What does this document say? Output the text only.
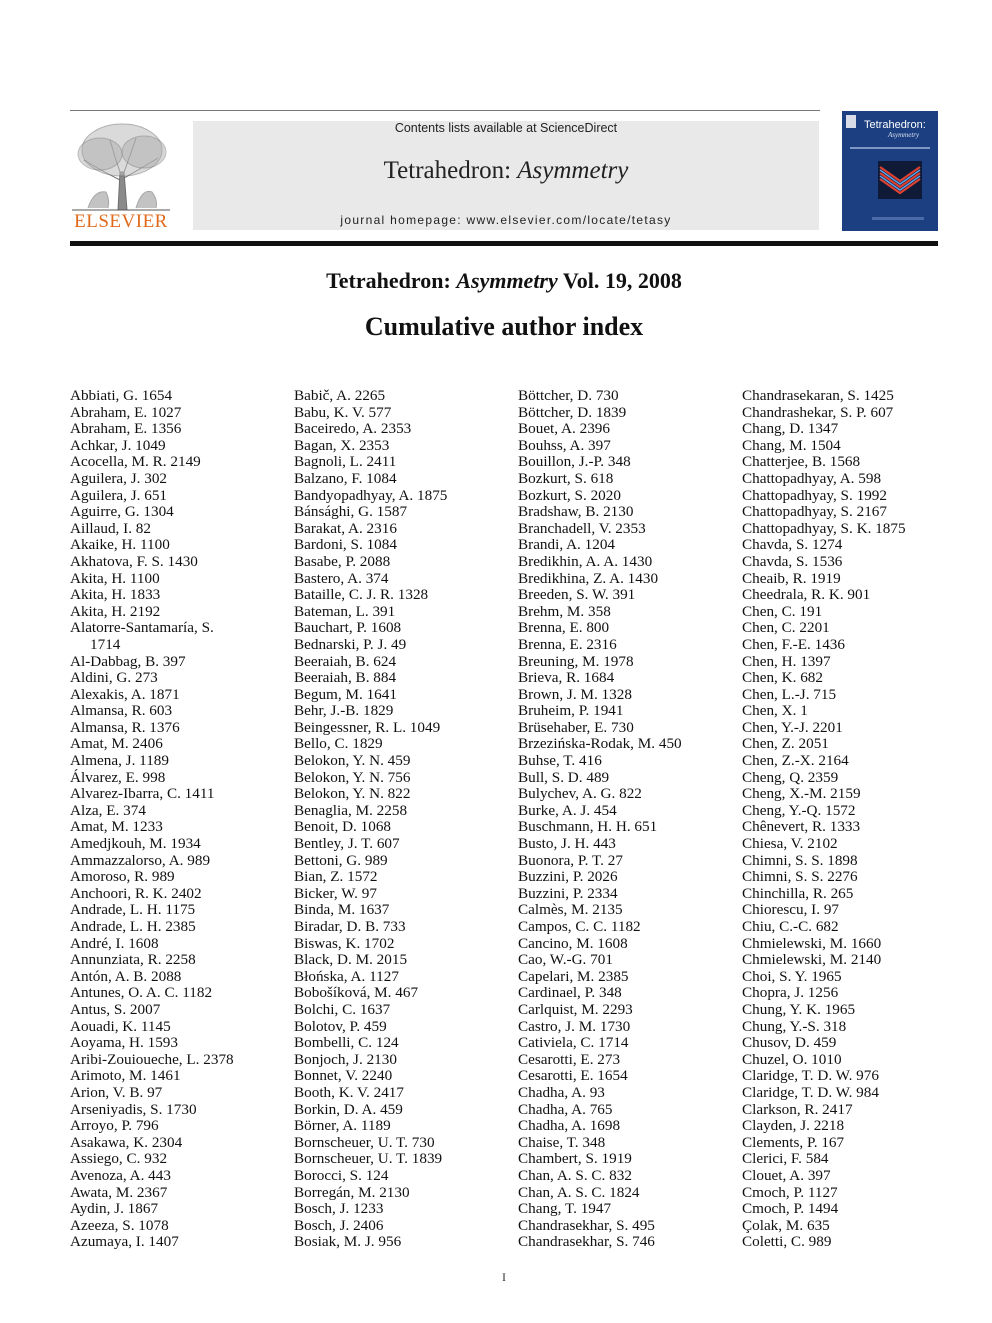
ELSEVIER
Contents lists available at ScienceDirect
Tetrahedron: Asymmetry
journal homepage: www.elsevier.com/locate/tetasy
Tetrahedron:
Asymmetry
Tetrahedron: Asymmetry Vol. 19, 2008
Cumulative author index
Abbiati, G. 1654
Abraham, E. 1027
Abraham, E. 1356
Achkar, J. 1049
Acocella, M. R. 2149
Aguilera, J. 302
Aguilera, J. 651
Aguirre, G. 1304
Aillaud, I. 82
Akaike, H. 1100
Akhatova, F. S. 1430
Akita, H. 1100
Akita, H. 1833
Akita, H. 2192
Alatorre-Santamaría, S.
1714
Al-Dabbag, B. 397
Aldini, G. 273
Alexakis, A. 1871
Almansa, R. 603
Almansa, R. 1376
Amat, M. 2406
Almena, J. 1189
Álvarez, E. 998
Alvarez-Ibarra, C. 1411
Alza, E. 374
Amat, M. 1233
Amedjkouh, M. 1934
Ammazzalorso, A. 989
Amoroso, R. 989
Anchoori, R. K. 2402
Andrade, L. H. 1175
Andrade, L. H. 2385
André, I. 1608
Annunziata, R. 2258
Antón, A. B. 2088
Antunes, O. A. C. 1182
Antus, S. 2007
Aouadi, K. 1145
Aoyama, H. 1593
Aribi-Zouioueche, L. 2378
Arimoto, M. 1461
Arion, V. B. 97
Arseniyadis, S. 1730
Arroyo, P. 796
Asakawa, K. 2304
Assiego, C. 932
Avenoza, A. 443
Awata, M. 2367
Aydin, J. 1867
Azeeza, S. 1078
Azumaya, I. 1407
Babič, A. 2265
Babu, K. V. 577
Baceiredo, A. 2353
Bagan, X. 2353
Bagnoli, L. 2411
Balzano, F. 1084
Bandyopadhyay, A. 1875
Bánsághi, G. 1587
Barakat, A. 2316
Bardoni, S. 1084
Basabe, P. 2088
Bastero, A. 374
Bataille, C. J. R. 1328
Bateman, L. 391
Bauchart, P. 1608
Bednarski, P. J. 49
Beeraiah, B. 624
Beeraiah, B. 884
Begum, M. 1641
Behr, J.-B. 1829
Beingessner, R. L. 1049
Bello, C. 1829
Belokon, Y. N. 459
Belokon, Y. N. 756
Belokon, Y. N. 822
Benaglia, M. 2258
Benoit, D. 1068
Bentley, J. T. 607
Bettoni, G. 989
Bian, Z. 1572
Bicker, W. 97
Binda, M. 1637
Biradar, D. B. 733
Biswas, K. 1702
Black, D. M. 2015
Błońska, A. 1127
Bobošíková, M. 467
Bolchi, C. 1637
Bolotov, P. 459
Bombelli, C. 124
Bonjoch, J. 2130
Bonnet, V. 2240
Booth, K. V. 2417
Borkin, D. A. 459
Börner, A. 1189
Bornscheuer, U. T. 730
Bornscheuer, U. T. 1839
Borocci, S. 124
Borregán, M. 2130
Bosch, J. 1233
Bosch, J. 2406
Bosiak, M. J. 956
Böttcher, D. 730
Böttcher, D. 1839
Bouet, A. 2396
Bouhss, A. 397
Bouillon, J.-P. 348
Bozkurt, S. 618
Bozkurt, S. 2020
Bradshaw, B. 2130
Branchadell, V. 2353
Brandi, A. 1204
Bredikhin, A. A. 1430
Bredikhina, Z. A. 1430
Breeden, S. W. 391
Brehm, M. 358
Brenna, E. 800
Brenna, E. 2316
Breuning, M. 1978
Brieva, R. 1684
Brown, J. M. 1328
Bruheim, P. 1941
Brüsehaber, E. 730
Brzezińska-Rodak, M. 450
Buhse, T. 416
Bull, S. D. 489
Bulychev, A. G. 822
Burke, A. J. 454
Buschmann, H. H. 651
Busto, J. H. 443
Buonora, P. T. 27
Buzzini, P. 2026
Buzzini, P. 2334
Calmès, M. 2135
Campos, C. C. 1182
Cancino, M. 1608
Cao, W.-G. 701
Capelari, M. 2385
Cardinael, P. 348
Carlquist, M. 2293
Castro, J. M. 1730
Cativiela, C. 1714
Cesarotti, E. 273
Cesarotti, E. 1654
Chadha, A. 93
Chadha, A. 765
Chadha, A. 1698
Chaise, T. 348
Chambert, S. 1919
Chan, A. S. C. 832
Chan, A. S. C. 1824
Chang, T. 1947
Chandrasekhar, S. 495
Chandrasekhar, S. 746
Chandrasekaran, S. 1425
Chandrashekar, S. P. 607
Chang, D. 1347
Chang, M. 1504
Chatterjee, B. 1568
Chattopadhyay, A. 598
Chattopadhyay, S. 1992
Chattopadhyay, S. 2167
Chattopadhyay, S. K. 1875
Chavda, S. 1274
Chavda, S. 1536
Cheaib, R. 1919
Cheedrala, R. K. 901
Chen, C. 191
Chen, C. 2201
Chen, F.-E. 1436
Chen, H. 1397
Chen, K. 682
Chen, L.-J. 715
Chen, X. 1
Chen, Y.-J. 2201
Chen, Z. 2051
Chen, Z.-X. 2164
Cheng, Q. 2359
Cheng, X.-M. 2159
Cheng, Y.-Q. 1572
Chênevert, R. 1333
Chiesa, V. 2102
Chimni, S. S. 1898
Chimni, S. S. 2276
Chinchilla, R. 265
Chiorescu, I. 97
Chiu, C.-C. 682
Chmielewski, M. 1660
Chmielewski, M. 2140
Choi, S. Y. 1965
Chopra, J. 1256
Chung, Y. K. 1965
Chung, Y.-S. 318
Chusov, D. 459
Chuzel, O. 1010
Claridge, T. D. W. 976
Claridge, T. D. W. 984
Clarkson, R. 2417
Clayden, J. 2218
Clements, P. 167
Clerici, F. 584
Clouet, A. 397
Cmoch, P. 1127
Cmoch, P. 1494
Çolak, M. 635
Coletti, C. 989
I
